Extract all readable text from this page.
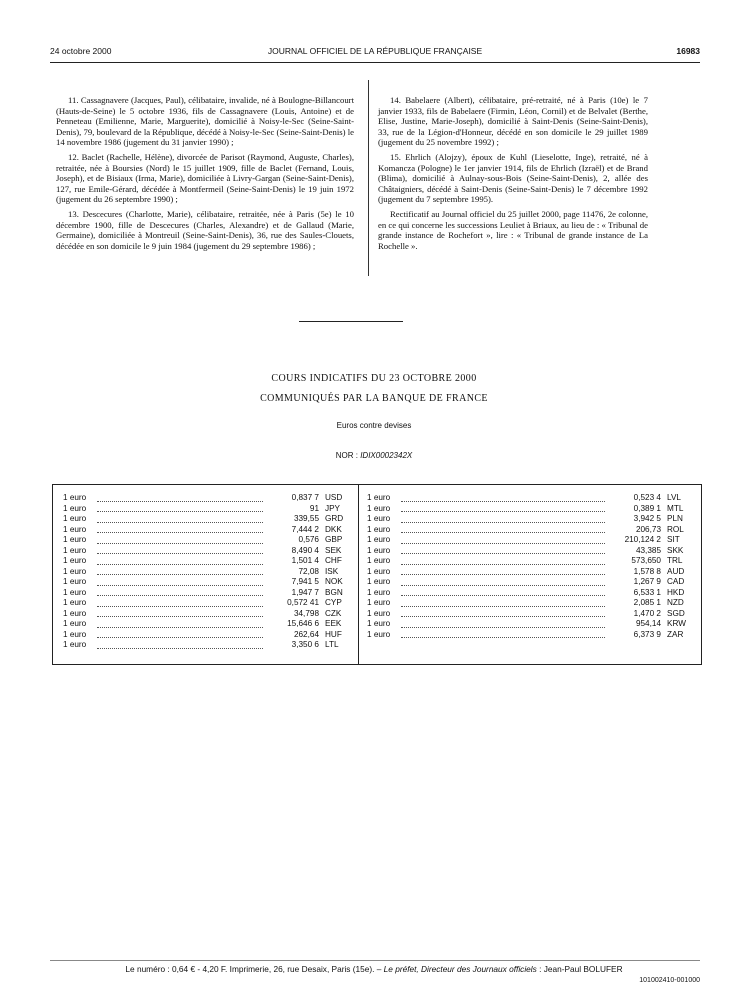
24 octobre 2000	JOURNAL OFFICIEL DE LA RÉPUBLIQUE FRANÇAISE	16983

11. Cassagnavere (Jacques, Paul), célibataire, invalide, né à Boulogne-Billancourt (Hauts-de-Seine) le 5 octobre 1936, fils de Cassagnavere (Louis, Antoine) et de Penneteau (Emilienne, Marie, Marguerite), domicilié à Noisy-le-Sec (Seine-Saint-Denis), 79, boulevard de la République, décédé à Noisy-le-Sec (Seine-Saint-Denis) le 14 novembre 1986 (jugement du 31 janvier 1990) ;

12. Baclet (Rachelle, Hélène), divorcée de Parisot (Raymond, Auguste, Charles), retraitée, née à Boursies (Nord) le 15 juillet 1909, fille de Baclet (Fernand, Louis, Joseph), et de Bisiaux (Irma, Marie), domiciliée à Livry-Gargan (Seine-Saint-Denis), 127, rue Emile-Gérard, décédée à Montfermeil (Seine-Saint-Denis) le 19 juin 1972 (jugement du 26 septembre 1990) ;

13. Descecures (Charlotte, Marie), célibataire, retraitée, née à Paris (5e) le 10 décembre 1900, fille de Descecures (Charles, Alexandre) et de Gallaud (Marie, Germaine), domiciliée à Montreuil (Seine-Saint-Denis), 36, rue des Saules-Clouets, décédée en son domicile le 9 juin 1984 (jugement du 29 septembre 1986) ;

14. Babelaere (Albert), célibataire, pré-retraité, né à Paris (10e) le 7 janvier 1933, fils de Babelaere (Firmin, Léon, Cornil) et de Belvalet (Berthe, Elise, Justine, Marie-Joseph), domicilié à Saint-Denis (Seine-Saint-Denis), 33, rue de la Légion-d'Honneur, décédé en son domicile le 29 juillet 1989 (jugement du 25 novembre 1992) ;

15. Ehrlich (Alojzy), époux de Kuhl (Lieselotte, Inge), retraité, né à Komancza (Pologne) le 1er janvier 1914, fils de Ehrlich (Izraël) et de Brand (Blima), domicilié à Aulnay-sous-Bois (Seine-Saint-Denis), 2, allée des Châtaigniers, décédé à Saint-Denis (Seine-Saint-Denis) le 7 décembre 1992 (jugement du 7 septembre 1995).

Rectificatif au Journal officiel du 25 juillet 2000, page 11476, 2e colonne, en ce qui concerne les successions Leuliet à Briaux, au lieu de : « Tribunal de grande instance de Rochefort », lire : « Tribunal de grande instance de La Rochelle ».

COURS INDICATIFS DU 23 OCTOBRE 2000
COMMUNIQUÉS PAR LA BANQUE DE FRANCE
Euros contre devises
NOR : IDIX0002342X
1 euro	0,837 7 USD
1 euro	91 JPY
1 euro	339,55 GRD
1 euro	7,444 2 DKK
1 euro	0,576 GBP
1 euro	8,490 4 SEK
1 euro	1,501 4 CHF
1 euro	72,08 ISK
1 euro	7,941 5 NOK
1 euro	1,947 7 BGN
1 euro	0,572 41 CYP
1 euro	34,798 CZK
1 euro	15,646 6 EEK
1 euro	262,64 HUF
1 euro	3,350 6 LTL
1 euro	0,523 4 LVL
1 euro	0,389 1 MTL
1 euro	3,942 5 PLN
1 euro	206,73 ROL
1 euro	210,124 2 SIT
1 euro	43,385 SKK
1 euro	573,650 TRL
1 euro	1,578 8 AUD
1 euro	1,267 9 CAD
1 euro	6,533 1 HKD
1 euro	2,085 1 NZD
1 euro	1,470 2 SGD
1 euro	954,14 KRW
1 euro	6,373 9 ZAR
Le numéro : 0,64 € - 4,20 F. Imprimerie, 26, rue Desaix, Paris (15e). – Le préfet, Directeur des Journaux officiels : Jean-Paul BOLUFER
101002410-001000
